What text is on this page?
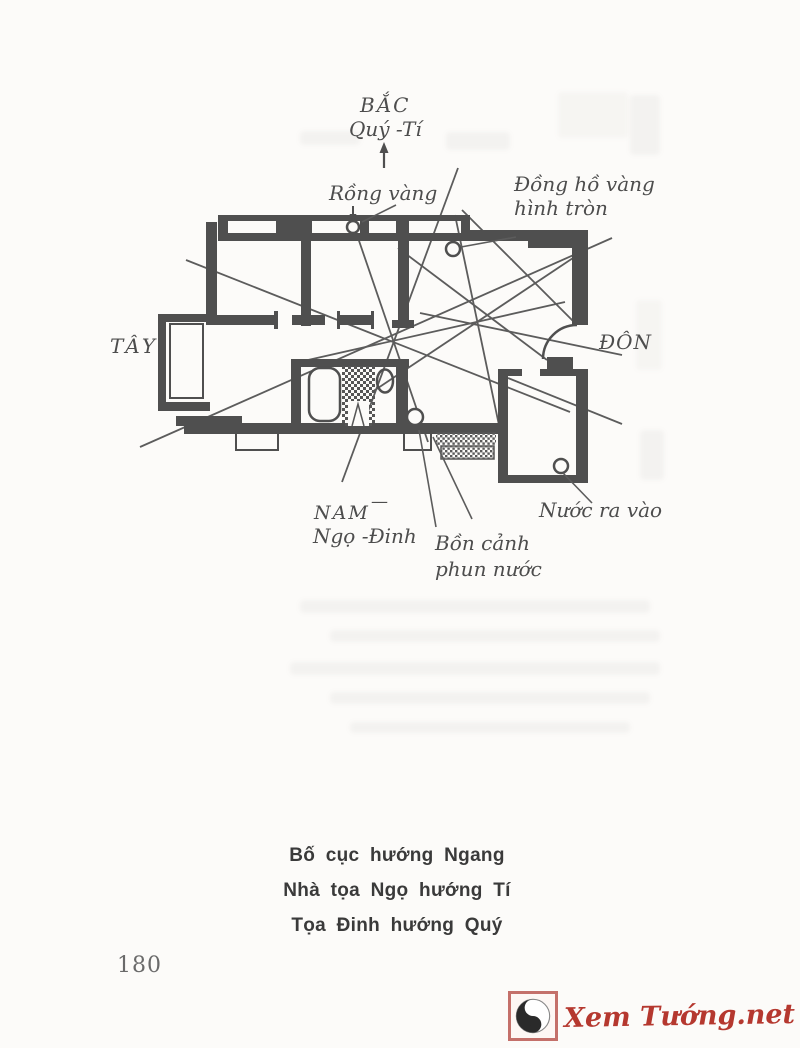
BẮC
Quý -Tí
Rồng vàng	Đồng hồ vàng
hình tròn
TÂY	ĐÔN
NAM —
Ngọ -Đinh Bồn cảnh
phun nước
Nước ra vào
Bố cục hướng Ngang
Nhà tọa Ngọ hướng Tí
Tọa Đinh hướng Quý
180
Xem Tướng.net
